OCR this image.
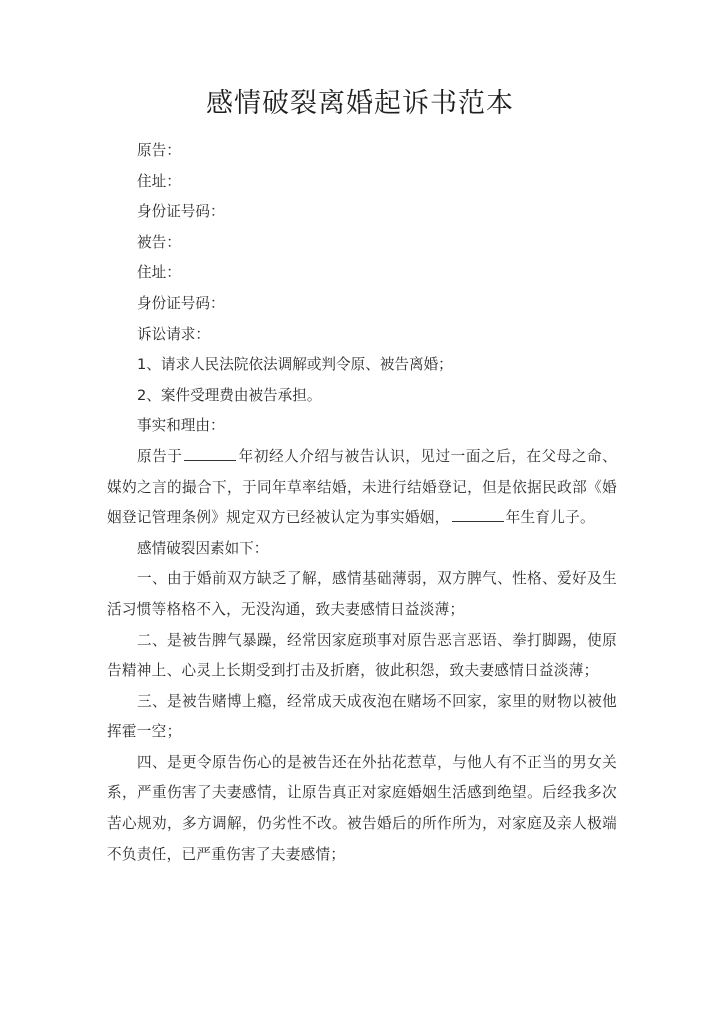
感情破裂离婚起诉书范本

原告：

住址：

身份证号码：

被告：

住址：

身份证号码：

诉讼请求：

1、请求人民法院依法调解或判令原、被告离婚；

2、案件受理费由被告承担。

事实和理由：

原告于	年初经人介绍与被告认识，见过一面之后，在父母之命、媒妁之言的撮合下，于同年草率结婚，未进行结婚登记，但是依据民政部《婚姻登记管理条例》规定双方已经被认定为事实婚姻，	年生育儿子。

感情破裂因素如下：

一、由于婚前双方缺乏了解，感情基础薄弱，双方脾气、性格、爱好及生活习惯等格格不入，无没沟通，致夫妻感情日益淡薄；

二、是被告脾气暴躁，经常因家庭琐事对原告恶言恶语、拳打脚踢，使原告精神上、心灵上长期受到打击及折磨，彼此积怨，致夫妻感情日益淡薄；

三、是被告赌博上瘾，经常成天成夜泡在赌场不回家，家里的财物以被他挥霍一空；

四、是更令原告伤心的是被告还在外拈花惹草，与他人有不正当的男女关系，严重伤害了夫妻感情，让原告真正对家庭婚姻生活感到绝望。后经我多次苦心规劝，多方调解，仍劣性不改。被告婚后的所作所为，对家庭及亲人极端不负责任，已严重伤害了夫妻感情；
